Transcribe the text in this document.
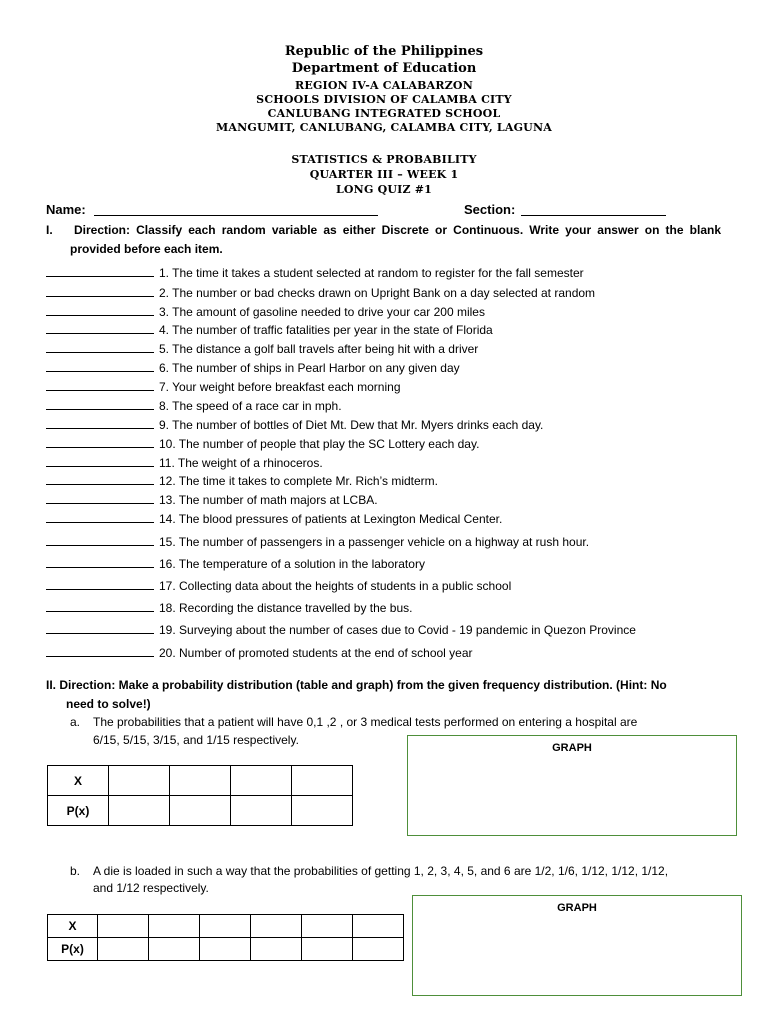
Republic of the Philippines
Department of Education
REGION IV-A CALABARZON
SCHOOLS DIVISION OF CALAMBA CITY
CANLUBANG INTEGRATED SCHOOL
MANGUMIT, CANLUBANG, CALAMBA CITY, LAGUNA
STATISTICS & PROBABILITY
QUARTER III – WEEK 1
LONG QUIZ #1
Name:	Section:
I.	Direction: Classify each random variable as either Discrete or Continuous. Write your answer on the blank provided before each item.
1. The time it takes a student selected at random to register for the fall semester
2. The number or bad checks drawn on Upright Bank on a day selected at random
3. The amount of gasoline needed to drive your car 200 miles
4. The number of traffic fatalities per year in the state of Florida
5. The distance a golf ball travels after being hit with a driver
6. The number of ships in Pearl Harbor on any given day
7. Your weight before breakfast each morning
8. The speed of a race car in mph.
9. The number of bottles of Diet Mt. Dew that Mr. Myers drinks each day.
10. The number of people that play the SC Lottery each day.
11. The weight of a rhinoceros.
12. The time it takes to complete Mr. Rich’s midterm.
13. The number of math majors at LCBA.
14. The blood pressures of patients at Lexington Medical Center.
15. The number of passengers in a passenger vehicle on a highway at rush hour.
16. The temperature of a solution in the laboratory
17. Collecting data about the heights of students in a public school
18. Recording the distance travelled by the bus.
19. Surveying about the number of cases due to Covid - 19 pandemic in Quezon Province
20. Number of promoted students at the end of school year
II. Direction: Make a probability distribution (table and graph) from the given frequency distribution. (Hint: No
need to solve!)
a. The probabilities that a patient will have 0,1 ,2 , or 3 medical tests performed on entering a hospital are
6/15, 5/15, 3/15, and 1/15 respectively.
X				
P(x)				
GRAPH
b. A die is loaded in such a way that the probabilities of getting 1, 2, 3, 4, 5, and 6 are 1/2, 1/6, 1/12, 1/12, 1/12,
and 1/12 respectively.
X						
P(x)						
GRAPH
